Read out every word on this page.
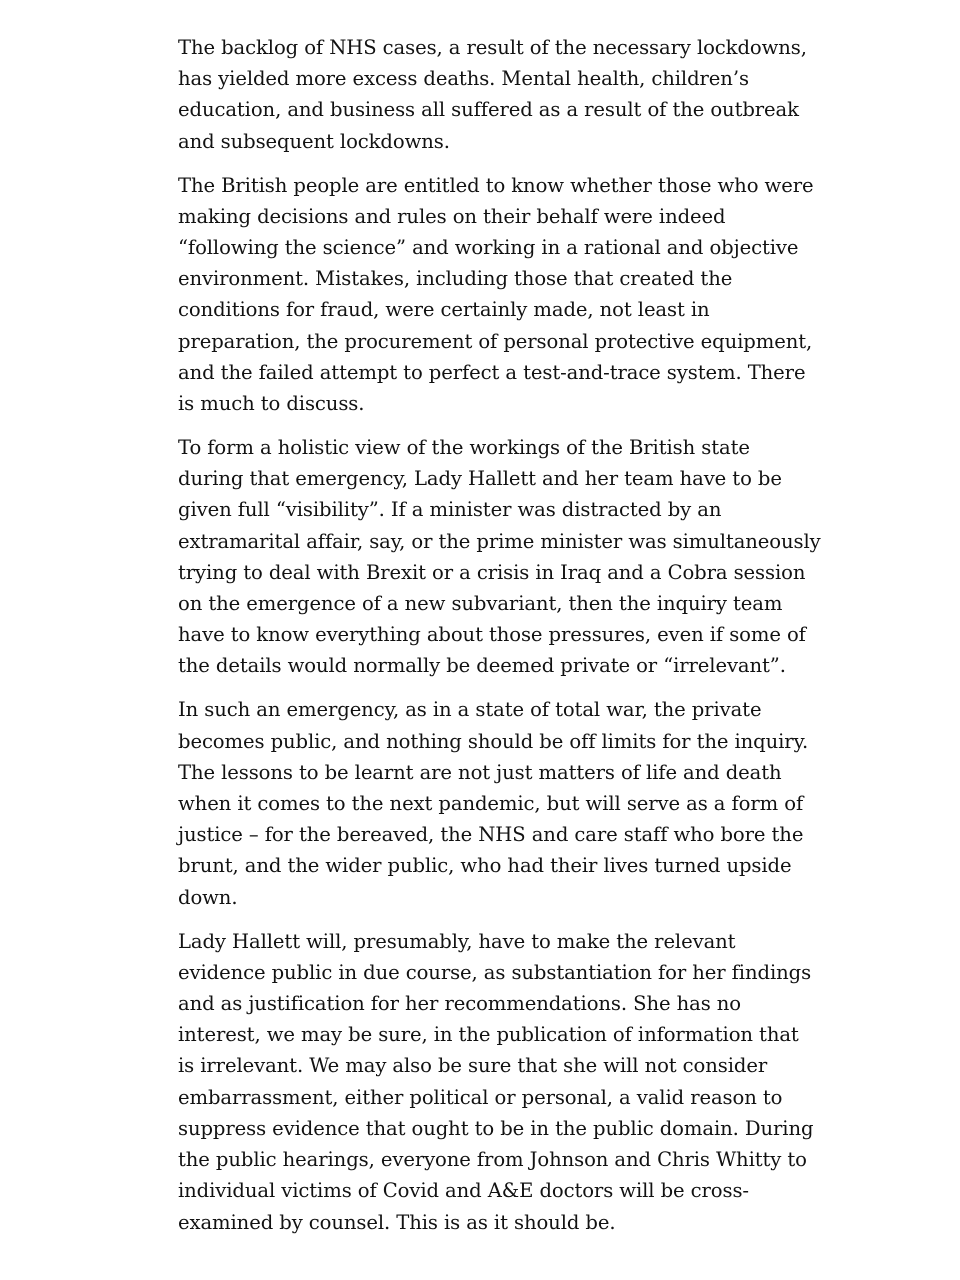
The backlog of NHS cases, a result of the necessary lockdowns,
has yielded more excess deaths. Mental health, children’s
education, and business all suffered as a result of the outbreak
and subsequent lockdowns.

The British people are entitled to know whether those who were
making decisions and rules on their behalf were indeed
“following the science” and working in a rational and objective
environment. Mistakes, including those that created the
conditions for fraud, were certainly made, not least in
preparation, the procurement of personal protective equipment,
and the failed attempt to perfect a test-and-trace system. There
is much to discuss.

To form a holistic view of the workings of the British state
during that emergency, Lady Hallett and her team have to be
given full “visibility”. If a minister was distracted by an
extramarital affair, say, or the prime minister was simultaneously
trying to deal with Brexit or a crisis in Iraq and a Cobra session
on the emergence of a new subvariant, then the inquiry team
have to know everything about those pressures, even if some of
the details would normally be deemed private or “irrelevant”.

In such an emergency, as in a state of total war, the private
becomes public, and nothing should be off limits for the inquiry.
The lessons to be learnt are not just matters of life and death
when it comes to the next pandemic, but will serve as a form of
justice – for the bereaved, the NHS and care staff who bore the
brunt, and the wider public, who had their lives turned upside
down.

Lady Hallett will, presumably, have to make the relevant
evidence public in due course, as substantiation for her findings
and as justification for her recommendations. She has no
interest, we may be sure, in the publication of information that
is irrelevant. We may also be sure that she will not consider
embarrassment, either political or personal, a valid reason to
suppress evidence that ought to be in the public domain. During
the public hearings, everyone from Johnson and Chris Whitty to
individual victims of Covid and A&E doctors will be cross-
examined by counsel. This is as it should be.
